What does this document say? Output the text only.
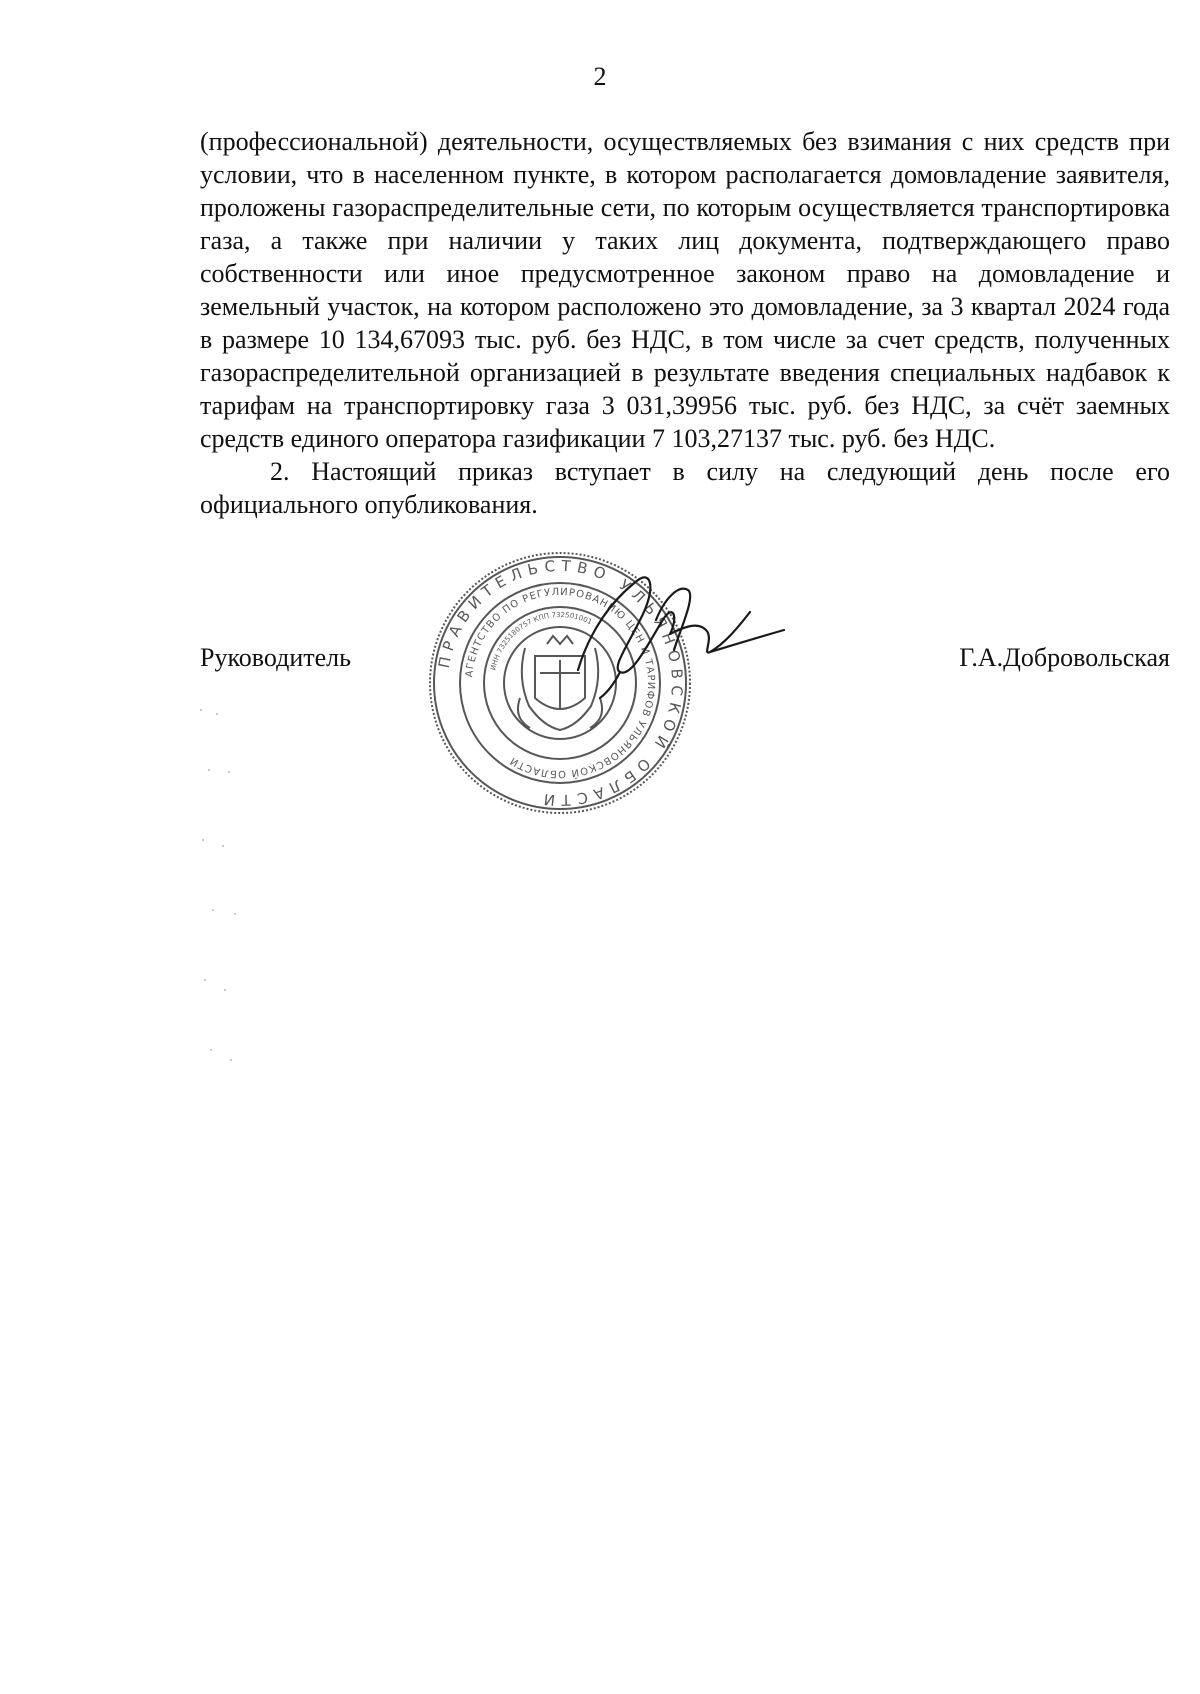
2

(профессиональной) деятельности, осуществляемых без взимания с них средств при условии, что в населенном пункте, в котором располагается домовладение заявителя, проложены газораспределительные сети, по которым осуществляется транспортировка газа, а также при наличии у таких лиц документа, подтверждающего право собственности или иное предусмотренное законом право на домовладение и земельный участок, на котором расположено это домовладение, за 3 квартал 2024 года в размере 10 134,67093 тыс. руб. без НДС, в том числе за счет средств, полученных газораспределительной организацией в результате введения специальных надбавок к тарифам на транспортировку газа 3 031,39956 тыс. руб. без НДС, за счёт заемных средств единого оператора газификации 7 103,27137 тыс. руб. без НДС.

2. Настоящий приказ вступает в силу на следующий день после его официального опубликования.

ПРАВИТЕЛЬСТВО УЛЬЯНОВСКОЙ ОБЛАСТИ
АГЕНТСТВО ПО РЕГУЛИРОВАНИЮ ЦЕН И ТАРИФОВ УЛЬЯНОВСКОЙ ОБЛАСТИ
ИНН 7325180757 КПП 732501001
Руководитель	Г.А.Добровольская
